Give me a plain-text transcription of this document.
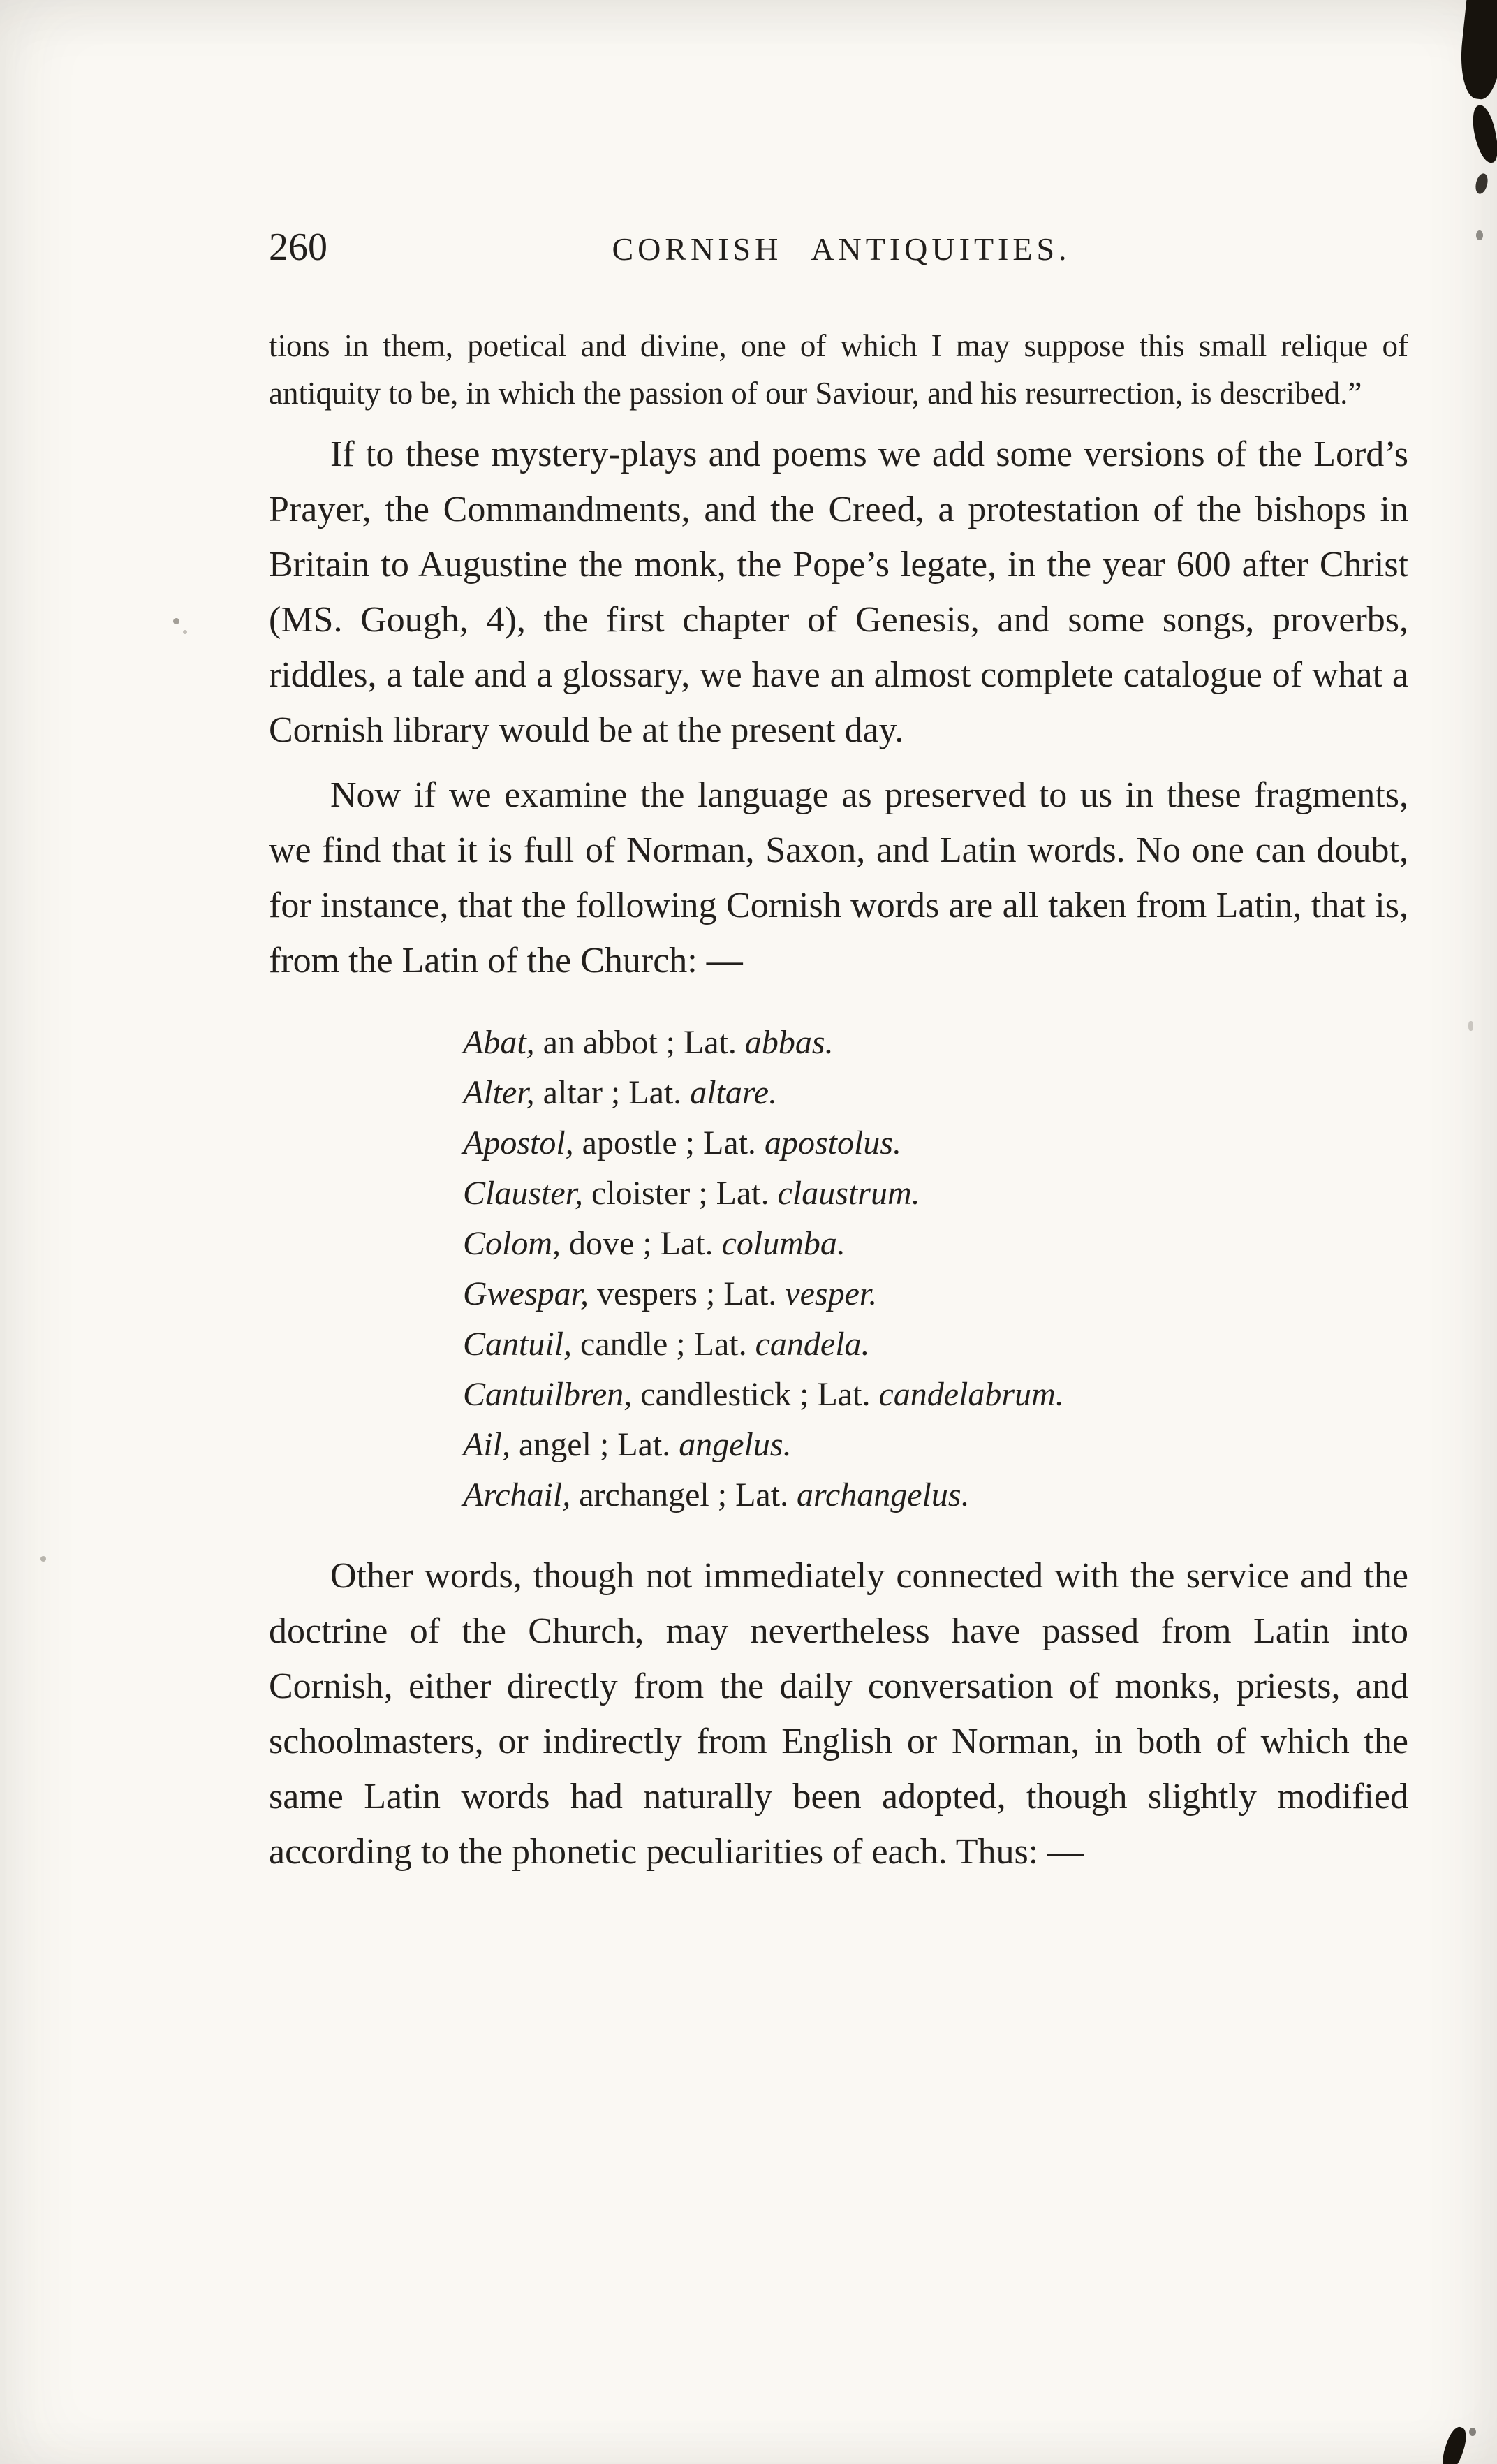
260	CORNISH ANTIQUITIES.

tions in them, poetical and divine, one of which I may suppose this small relique of antiquity to be, in which the passion of our Saviour, and his resurrection, is described.”

If to these mystery-plays and poems we add some versions of the Lord’s Prayer, the Commandments, and the Creed, a protestation of the bishops in Britain to Augustine the monk, the Pope’s legate, in the year 600 after Christ (MS. Gough, 4), the first chapter of Genesis, and some songs, proverbs, riddles, a tale and a glossary, we have an almost complete catalogue of what a Cornish library would be at the present day.

Now if we examine the language as preserved to us in these fragments, we find that it is full of Norman, Saxon, and Latin words. No one can doubt, for instance, that the following Cornish words are all taken from Latin, that is, from the Latin of the Church: —

Abat, an abbot ; Lat. abbas.
Alter, altar ; Lat. altare.
Apostol, apostle ; Lat. apostolus.
Clauster, cloister ; Lat. claustrum.
Colom, dove ; Lat. columba.
Gwespar, vespers ; Lat. vesper.
Cantuil, candle ; Lat. candela.
Cantuilbren, candlestick ; Lat. candelabrum.
Ail, angel ; Lat. angelus.
Archail, archangel ; Lat. archangelus.

Other words, though not immediately connected with the service and the doctrine of the Church, may nevertheless have passed from Latin into Cornish, either directly from the daily conversation of monks, priests, and schoolmasters, or indirectly from English or Norman, in both of which the same Latin words had naturally been adopted, though slightly modified according to the phonetic peculiarities of each. Thus: —
